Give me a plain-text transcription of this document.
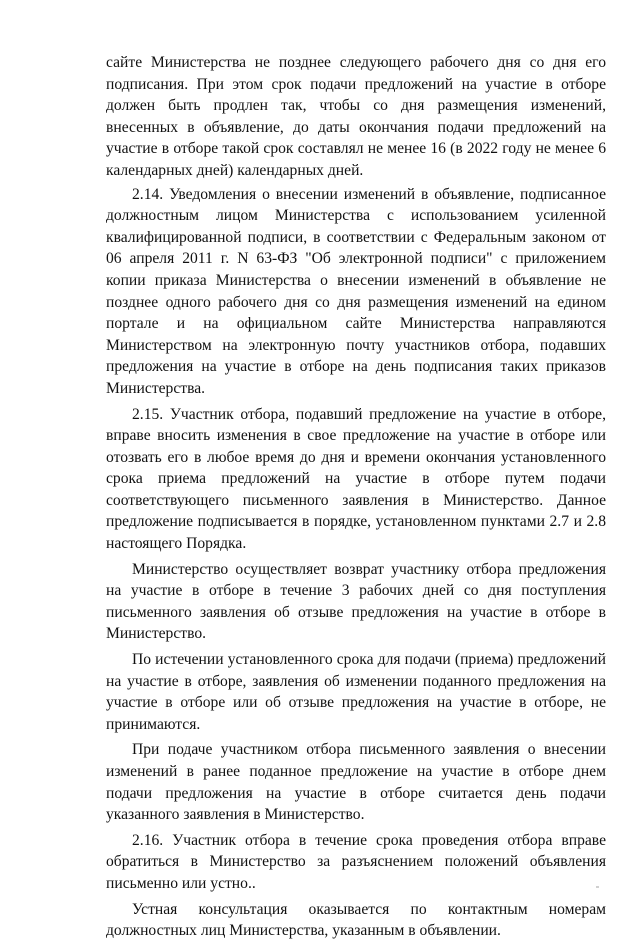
сайте Министерства не позднее следующего рабочего дня со дня его подписания. При этом срок подачи предложений на участие в отборе должен быть продлен так, чтобы со дня размещения изменений, внесенных в объявление, до даты окончания подачи предложений на участие в отборе такой срок составлял не менее 16 (в 2022 году не менее 6 календарных дней) календарных дней.

2.14. Уведомления о внесении изменений в объявление, подписанное должностным лицом Министерства с использованием усиленной квалифицированной подписи, в соответствии с Федеральным законом от 06 апреля 2011 г. N 63-ФЗ "Об электронной подписи" с приложением копии приказа Министерства о внесении изменений в объявление не позднее одного рабочего дня со дня размещения изменений на едином портале и на официальном сайте Министерства направляются Министерством на электронную почту участников отбора, подавших предложения на участие в отборе на день подписания таких приказов Министерства.

2.15. Участник отбора, подавший предложение на участие в отборе, вправе вносить изменения в свое предложение на участие в отборе или отозвать его в любое время до дня и времени окончания установленного срока приема предложений на участие в отборе путем подачи соответствующего письменного заявления в Министерство. Данное предложение подписывается в порядке, установленном пунктами 2.7 и 2.8 настоящего Порядка.

Министерство осуществляет возврат участнику отбора предложения на участие в отборе в течение 3 рабочих дней со дня поступления письменного заявления об отзыве предложения на участие в отборе в Министерство.

По истечении установленного срока для подачи (приема) предложений на участие в отборе, заявления об изменении поданного предложения на участие в отборе или об отзыве предложения на участие в отборе, не принимаются.

При подаче участником отбора письменного заявления о внесении изменений в ранее поданное предложение на участие в отборе днем подачи предложения на участие в отборе считается день подачи указанного заявления в Министерство.

2.16. Участник отбора в течение срока проведения отбора вправе обратиться в Министерство за разъяснением положений объявления письменно или устно..

Устная консультация оказывается по контактным номерам должностных лиц Министерства, указанным в объявлении.
